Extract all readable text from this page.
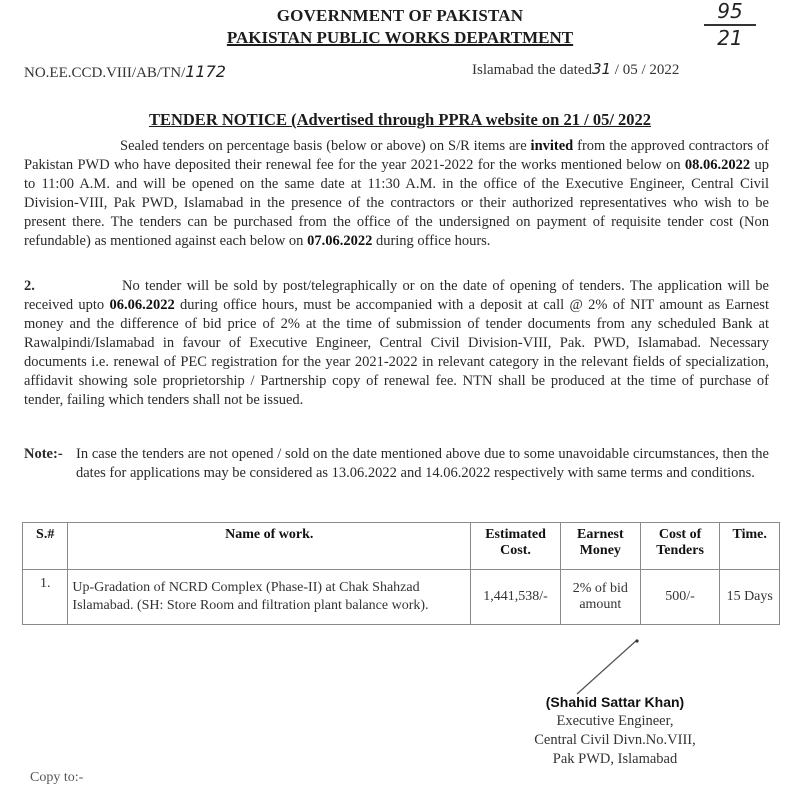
GOVERNMENT OF PAKISTAN
PAKISTAN PUBLIC WORKS DEPARTMENT
95
21
NO.EE.CCD.VIII/AB/TN/1172	Islamabad the dated31 / 05 / 2022
TENDER NOTICE (Advertised through PPRA website on 21 / 05/ 2022
Sealed tenders on percentage basis (below or above) on S/R items are invited from the approved contractors of Pakistan PWD who have deposited their renewal fee for the year 2021-2022 for the works mentioned below on 08.06.2022 up to 11:00 A.M. and will be opened on the same date at 11:30 A.M. in the office of the Executive Engineer, Central Civil Division-VIII, Pak PWD, Islamabad in the presence of the contractors or their authorized representatives who wish to be present there. The tenders can be purchased from the office of the undersigned on payment of requisite tender cost (Non refundable) as mentioned against each below on 07.06.2022 during office hours.
2.	No tender will be sold by post/telegraphically or on the date of opening of tenders. The application will be received upto 06.06.2022 during office hours, must be accompanied with a deposit at call @ 2% of NIT amount as Earnest money and the difference of bid price of 2% at the time of submission of tender documents from any scheduled Bank at Rawalpindi/Islamabad in favour of Executive Engineer, Central Civil Division-VIII, Pak. PWD, Islamabad. Necessary documents i.e. renewal of PEC registration for the year 2021-2022 in relevant category in the relevant fields of specialization, affidavit showing sole proprietorship / Partnership copy of renewal fee. NTN shall be produced at the time of purchase of tender, failing which tenders shall not be issued.
Note:- In case the tenders are not opened / sold on the date mentioned above due to some unavoidable circumstances, then the dates for applications may be considered as 13.06.2022 and 14.06.2022 respectively with same terms and conditions.
S.#	Name of work.	Estimated Cost.	Earnest Money	Cost of Tenders	Time.
1.	Up-Gradation of NCRD Complex (Phase-II) at Chak Shahzad Islamabad. (SH: Store Room and filtration plant balance work).	1,441,538/-	2% of bid amount	500/-	15 Days
(Shahid Sattar Khan)
Executive Engineer,
Central Civil Divn.No.VIII,
Pak PWD, Islamabad
Copy to:-
